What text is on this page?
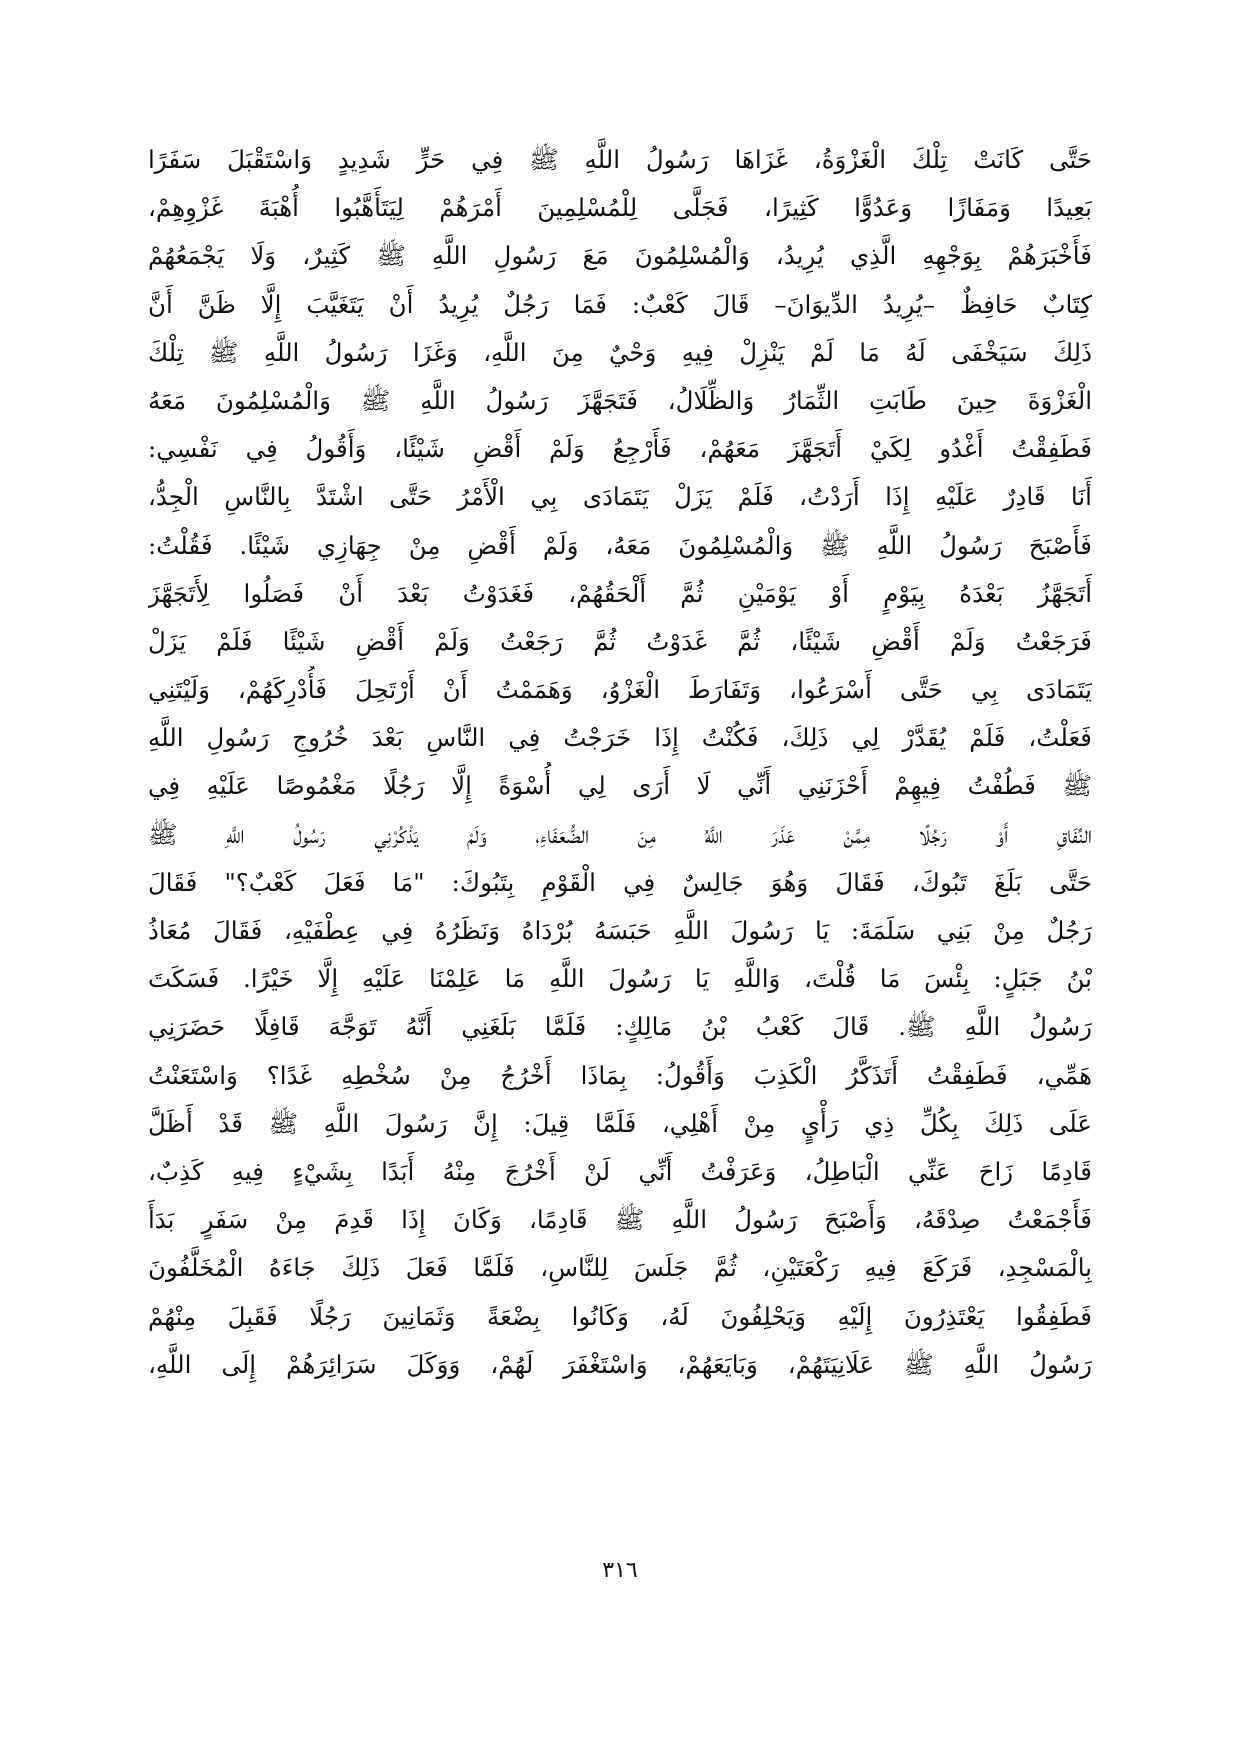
حَتَّى كَانَتْ تِلْكَ الْغَزْوَةُ، غَزَاهَا رَسُولُ اللَّهِ ﷺ فِي حَرٍّ شَدِيدٍ وَاسْتَقْبَلَ سَفَرًا
بَعِيدًا وَمَفَازًا وَعَدُوًّا كَثِيرًا، فَجَلَّى لِلْمُسْلِمِينَ أَمْرَهُمْ لِيَتَأَهَّبُوا أُهْبَةَ غَزْوِهِمْ،
فَأَخْبَرَهُمْ بِوَجْهِهِ الَّذِي يُرِيدُ، وَالْمُسْلِمُونَ مَعَ رَسُولِ اللَّهِ ﷺ كَثِيرٌ، وَلَا يَجْمَعُهُمْ
كِتَابٌ حَافِظٌ –يُرِيدُ الدِّيوَانَ– قَالَ كَعْبٌ: فَمَا رَجُلٌ يُرِيدُ أَنْ يَتَغَيَّبَ إِلَّا ظَنَّ أَنَّ
ذَلِكَ سَيَخْفَى لَهُ مَا لَمْ يَنْزِلْ فِيهِ وَحْيٌ مِنَ اللَّهِ، وَغَزَا رَسُولُ اللَّهِ ﷺ تِلْكَ
الْغَزْوَةَ حِينَ طَابَتِ الثِّمَارُ وَالظِّلَالُ، فَتَجَهَّزَ رَسُولُ اللَّهِ ﷺ وَالْمُسْلِمُونَ مَعَهُ
فَطَفِقْتُ أَغْدُو لِكَيْ أَتَجَهَّزَ مَعَهُمْ، فَأَرْجِعُ وَلَمْ أَقْضِ شَيْئًا، وَأَقُولُ فِي نَفْسِي:
أَنَا قَادِرٌ عَلَيْهِ إِذَا أَرَدْتُ، فَلَمْ يَزَلْ يَتَمَادَى بِي الْأَمْرُ حَتَّى اشْتَدَّ بِالنَّاسِ الْجِدُّ،
فَأَصْبَحَ رَسُولُ اللَّهِ ﷺ وَالْمُسْلِمُونَ مَعَهُ، وَلَمْ أَقْضِ مِنْ جِهَازِي شَيْئًا. فَقُلْتُ:
أَتَجَهَّزُ بَعْدَهُ بِيَوْمٍ أَوْ يَوْمَيْنِ ثُمَّ أَلْحَقُهُمْ، فَغَدَوْتُ بَعْدَ أَنْ فَصَلُوا لِأَتَجَهَّزَ
فَرَجَعْتُ وَلَمْ أَقْضِ شَيْئًا، ثُمَّ غَدَوْتُ ثُمَّ رَجَعْتُ وَلَمْ أَقْضِ شَيْئًا فَلَمْ يَزَلْ
يَتَمَادَى بِي حَتَّى أَسْرَعُوا، وَتَفَارَطَ الْغَزْوُ، وَهَمَمْتُ أَنْ أَرْتَحِلَ فَأُدْرِكَهُمْ، وَلَيْتَنِي
فَعَلْتُ، فَلَمْ يُقَدَّرْ لِي ذَلِكَ، فَكُنْتُ إِذَا خَرَجْتُ فِي النَّاسِ بَعْدَ خُرُوجِ رَسُولِ اللَّهِ
ﷺ فَطُفْتُ فِيهِمْ أَحْزَنَنِي أَنِّي لَا أَرَى لِي أُسْوَةً إِلَّا رَجُلًا مَغْمُوصًا عَلَيْهِ فِي
النِّفَاقِ أَوْ رَجُلًا مِمَّنْ عَذَرَ اللَّهُ مِنَ الضُّعَفَاءِ، وَلَمْ يَذْكُرْنِي رَسُولُ اللَّهِ ﷺ
حَتَّى بَلَغَ تَبُوكَ، فَقَالَ وَهُوَ جَالِسٌ فِي الْقَوْمِ بِتَبُوكَ: "مَا فَعَلَ كَعْبٌ؟" فَقَالَ
رَجُلٌ مِنْ بَنِي سَلَمَةَ: يَا رَسُولَ اللَّهِ حَبَسَهُ بُرْدَاهُ وَنَظَرُهُ فِي عِطْفَيْهِ، فَقَالَ مُعَاذُ
بْنُ جَبَلٍ: بِئْسَ مَا قُلْتَ، وَاللَّهِ يَا رَسُولَ اللَّهِ مَا عَلِمْنَا عَلَيْهِ إِلَّا خَيْرًا. فَسَكَتَ
رَسُولُ اللَّهِ ﷺ. قَالَ كَعْبُ بْنُ مَالِكٍ: فَلَمَّا بَلَغَنِي أَنَّهُ تَوَجَّهَ قَافِلًا حَضَرَنِي
هَمِّي، فَطَفِقْتُ أَتَذَكَّرُ الْكَذِبَ وَأَقُولُ: بِمَاذَا أَخْرُجُ مِنْ سُخْطِهِ غَدًا؟ وَاسْتَعَنْتُ
عَلَى ذَلِكَ بِكُلِّ ذِي رَأْيٍ مِنْ أَهْلِي، فَلَمَّا قِيلَ: إِنَّ رَسُولَ اللَّهِ ﷺ قَدْ أَظَلَّ
قَادِمًا زَاحَ عَنِّي الْبَاطِلُ، وَعَرَفْتُ أَنِّي لَنْ أَخْرُجَ مِنْهُ أَبَدًا بِشَيْءٍ فِيهِ كَذِبٌ،
فَأَجْمَعْتُ صِدْقَهُ، وَأَصْبَحَ رَسُولُ اللَّهِ ﷺ قَادِمًا، وَكَانَ إِذَا قَدِمَ مِنْ سَفَرٍ بَدَأَ
بِالْمَسْجِدِ، فَرَكَعَ فِيهِ رَكْعَتَيْنِ، ثُمَّ جَلَسَ لِلنَّاسِ، فَلَمَّا فَعَلَ ذَلِكَ جَاءَهُ الْمُخَلَّفُونَ
فَطَفِقُوا يَعْتَذِرُونَ إِلَيْهِ وَيَحْلِفُونَ لَهُ، وَكَانُوا بِضْعَةً وَثَمَانِينَ رَجُلًا فَقَبِلَ مِنْهُمْ
رَسُولُ اللَّهِ ﷺ عَلَانِيَتَهُمْ، وَبَايَعَهُمْ، وَاسْتَغْفَرَ لَهُمْ، وَوَكَلَ سَرَائِرَهُمْ إِلَى اللَّهِ،
٣١٦
